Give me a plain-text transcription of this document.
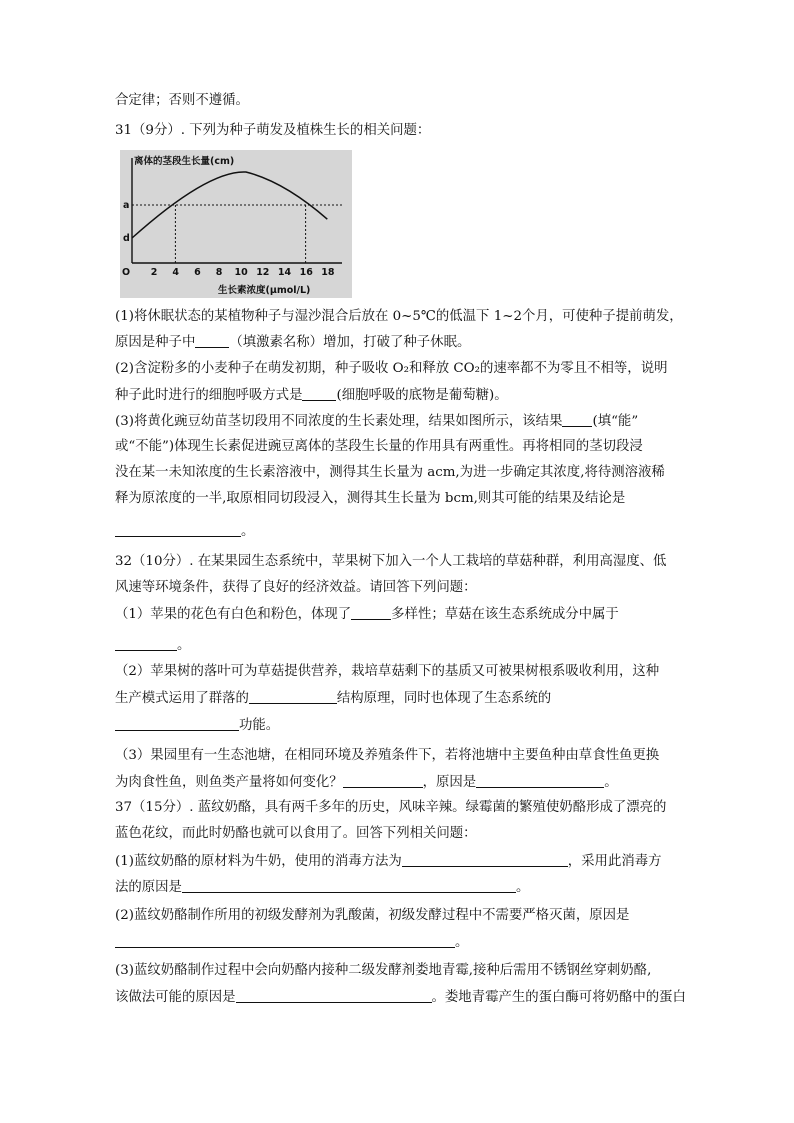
合定律；否则不遵循。
31（9分）. 下列为种子萌发及植株生长的相关问题：
(1)将休眠状态的某植物种子与湿沙混合后放在 0~5℃的低温下 1~2个月，可使种子提前萌发，
原因是种子中	（填激素名称）增加，打破了种子休眠。
(2)含淀粉多的小麦种子在萌发初期，种子吸收 O₂和释放 CO₂的速率都不为零且不相等，说明
种子此时进行的细胞呼吸方式是	(细胞呼吸的底物是葡萄糖)。
(3)将黄化豌豆幼苗茎切段用不同浓度的生长素处理，结果如图所示，该结果 (填“能”
或“不能”)体现生长素促进豌豆离体的茎段生长量的作用具有两重性。再将相同的茎切段浸
没在某一未知浓度的生长素溶液中，测得其生长量为 acm,为进一步确定其浓度,将待测溶液稀
释为原浓度的一半,取原相同切段浸入，测得其生长量为 bcm,则其可能的结果及结论是
。
32（10分）. 在某果园生态系统中，苹果树下加入一个人工栽培的草菇种群，利用高湿度、低
风速等环境条件，获得了良好的经济效益。请回答下列问题：
（1）苹果的花色有白色和粉色，体现了	多样性；草菇在该生态系统成分中属于
。
（2）苹果树的落叶可为草菇提供营养，栽培草菇剩下的基质又可被果树根系吸收利用，这种
生产模式运用了群落的	结构原理，同时也体现了生态系统的
功能。
（3）果园里有一生态池塘，在相同环境及养殖条件下，若将池塘中主要鱼种由草食性鱼更换
为肉食性鱼，则鱼类产量将如何变化？	，原因是	。
37（15分）. 蓝纹奶酪，具有两千多年的历史，风味辛辣。绿霉菌的繁殖使奶酪形成了漂亮的
蓝色花纹，而此时奶酪也就可以食用了。回答下列相关问题：
(1)蓝纹奶酪的原材料为牛奶，使用的消毒方法为	，采用此消毒方
法的原因是	。
(2)蓝纹奶酪制作所用的初级发酵剂为乳酸菌，初级发酵过程中不需要严格灭菌，原因是
。
(3)蓝纹奶酪制作过程中会向奶酪内接种二级发酵剂娄地青霉,接种后需用不锈钢丝穿刺奶酪,
该做法可能的原因是	。娄地青霉产生的蛋白酶可将奶酪中的蛋白
离体的茎段生长量(cm)
生长素浓度(μmol/L)
O 2 4 6 8 10 12 14 16 18
a
d
